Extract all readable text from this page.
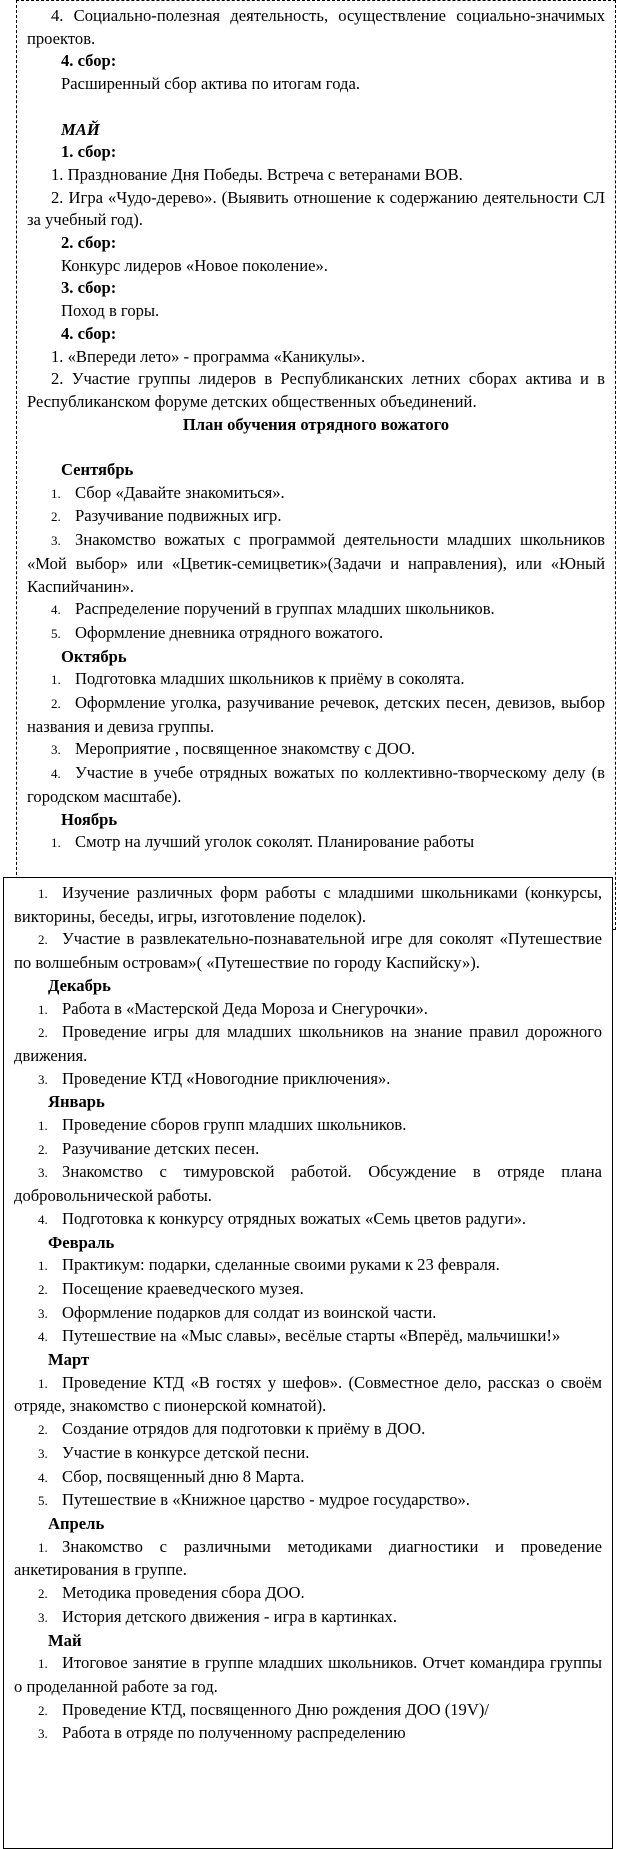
4. Социально-полезная деятельность, осуществление социально-значимых проектов.

4. сбор:

Расширенный сбор актива по итогам года.

МАЙ

1. сбор:

1. Празднование Дня Победы. Встреча с ветеранами ВОВ.

2. Игра «Чудо-дерево». (Выявить отношение к содержанию деятельности СЛ за учебный год).

2. сбор:

Конкурс лидеров «Новое поколение».

3. сбор:

Поход в горы.

4. сбор:

1. «Впереди лето» - программа «Каникулы».

2. Участие группы лидеров в Республиканских летних сборах актива и в Республиканском форуме детских общественных объединений.

План обучения отрядного вожатого

Сентябрь

1. Сбор «Давайте знакомиться».

2. Разучивание подвижных игр.

3. Знакомство вожатых с программой деятельности младших школьников «Мой выбор» или «Цветик-семицветик»(Задачи и направления), или «Юный Каспийчанин».

4. Распределение поручений в группах младших школьников.

5. Оформление дневника отрядного вожатого.

Октябрь

1. Подготовка младших школьников к приёму в соколята.

2. Оформление уголка, разучивание речевок, детских песен, девизов, выбор названия и девиза группы.

3. Мероприятие , посвященное знакомству с ДОО.

4. Участие в учебе отрядных вожатых по коллективно-творческому делу (в городском масштабе).

Ноябрь

1. Смотр на лучший уголок соколят. Планирование работы

1. Изучение различных форм работы с младшими школьниками (конкурсы, викторины, беседы, игры, изготовление поделок).

2. Участие в развлекательно-познавательной игре для соколят «Путешествие по волшебным островам»( «Путешествие по городу Каспийску»).

Декабрь

1. Работа в «Мастерской Деда Мороза и Снегурочки».

2. Проведение игры для младших школьников на знание правил дорожного движения.

3. Проведение КТД «Новогодние приключения».

Январь

1. Проведение сборов групп младших школьников.

2. Разучивание детских песен.

3. Знакомство с тимуровской работой. Обсуждение в отряде плана добровольнической работы.

4. Подготовка к конкурсу отрядных вожатых «Семь цветов радуги».

Февраль

1. Практикум: подарки, сделанные своими руками к 23 февраля.

2. Посещение краеведческого музея.

3. Оформление подарков для солдат из воинской части.

4. Путешествие на «Мыс славы», весёлые старты «Вперёд, мальчишки!»

Март

1. Проведение КТД «В гостях у шефов». (Совместное дело, рассказ о своём отряде, знакомство с пионерской комнатой).

2. Создание отрядов для подготовки к приёму в ДОО.

3. Участие в конкурсе детской песни.

4. Сбор, посвященный дню 8 Марта.

5. Путешествие в «Книжное царство - мудрое государство».

Апрель

1. Знакомство с различными методиками диагностики и проведение анкетирования в группе.

2. Методика проведения сбора ДОО.

3. История детского движения - игра в картинках.

Май

1. Итоговое занятие в группе младших школьников. Отчет командира группы о проделанной работе за год.

2. Проведение КТД, посвященного Дню рождения ДОО (19V)/

3. Работа в отряде по полученному распределению
